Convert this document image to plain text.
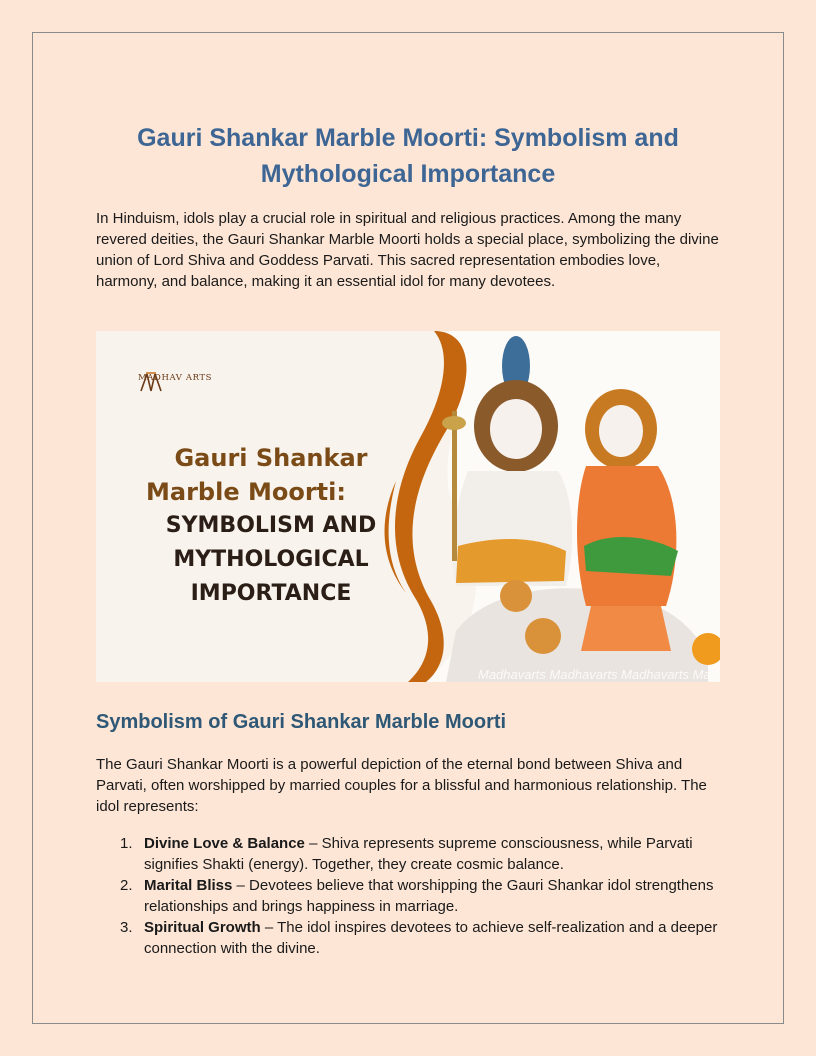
Gauri Shankar Marble Moorti: Symbolism and Mythological Importance

In Hinduism, idols play a crucial role in spiritual and religious practices. Among the many revered deities, the Gauri Shankar Marble Moorti holds a special place, symbolizing the divine union of Lord Shiva and Goddess Parvati. This sacred representation embodies love, harmony, and balance, making it an essential idol for many devotees.

MADHAV ARTS
Gauri Shankar
Marble Moorti:
SYMBOLISM AND
MYTHOLOGICAL
IMPORTANCE
Madhavarts Madhavarts Madhavarts Ma
Symbolism of Gauri Shankar Marble Moorti

The Gauri Shankar Moorti is a powerful depiction of the eternal bond between Shiva and Parvati, often worshipped by married couples for a blissful and harmonious relationship. The idol represents:

1. Divine Love & Balance – Shiva represents supreme consciousness, while Parvati signifies Shakti (energy). Together, they create cosmic balance.
2. Marital Bliss – Devotees believe that worshipping the Gauri Shankar idol strengthens relationships and brings happiness in marriage.
3. Spiritual Growth – The idol inspires devotees to achieve self-realization and a deeper connection with the divine.
